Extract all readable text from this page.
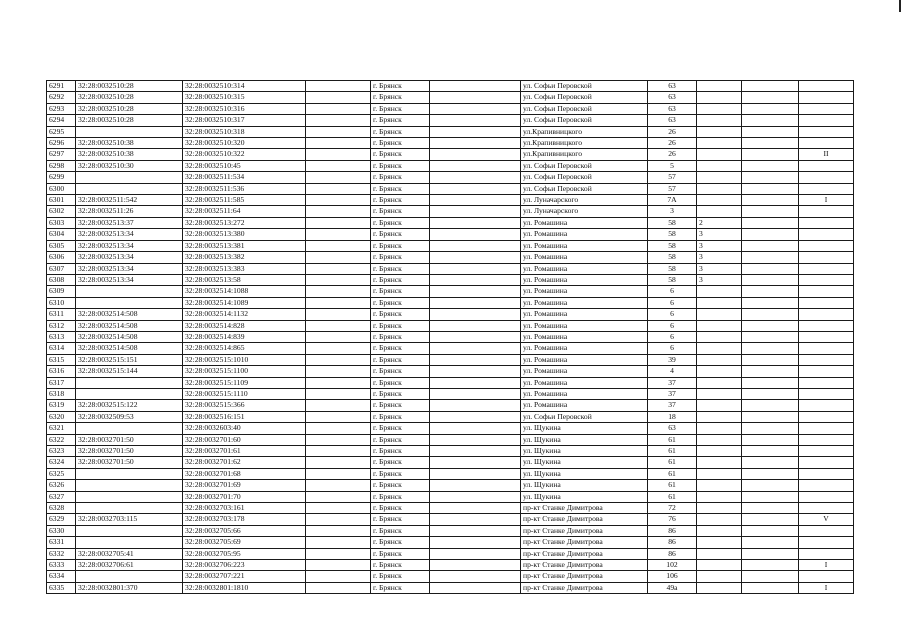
6291	32:28:0032510:28	32:28:0032510:314		г. Брянск		ул. Софьи Перовской	63			
6292	32:28:0032510:28	32:28:0032510:315		г. Брянск		ул. Софьи Перовской	63			
6293	32:28:0032510:28	32:28:0032510:316		г. Брянск		ул. Софьи Перовской	63			
6294	32:28:0032510:28	32:28:0032510:317		г. Брянск		ул. Софьи Перовской	63			
6295		32:28:0032510:318		г. Брянск		ул.Крапивницкого	26			
6296	32:28:0032510:38	32:28:0032510:320		г. Брянск		ул.Крапивницкого	26			
6297	32:28:0032510:38	32:28:0032510:322		г. Брянск		ул.Крапивницкого	26			II
6298	32:28:0032510:30	32:28:0032510:45		г. Брянск		ул. Софьи Перовской	5			
6299		32:28:0032511:534		г. Брянск		ул. Софьи Перовской	57			
6300		32:28:0032511:536		г. Брянск		ул. Софьи Перовской	57			
6301	32:28:0032511:542	32:28:0032511:585		г. Брянск		ул. Луначарского	7А			I
6302	32:28:0032511:26	32:28:0032511:64		г. Брянск		ул. Луначарского	3			
6303	32:28:0032513:37	32:28:0032513:272		г. Брянск		ул. Ромашина	58	2		
6304	32:28:0032513:34	32:28:0032513:380		г. Брянск		ул. Ромашина	58	3		
6305	32:28:0032513:34	32:28:0032513:381		г. Брянск		ул. Ромашина	58	3		
6306	32:28:0032513:34	32:28:0032513:382		г. Брянск		ул. Ромашина	58	3		
6307	32:28:0032513:34	32:28:0032513:383		г. Брянск		ул. Ромашина	58	3		
6308	32:28:0032513:34	32:28:0032513:58		г. Брянск		ул. Ромашина	58	3		
6309		32:28:0032514:1088		г. Брянск		ул. Ромашина	6			
6310		32:28:0032514:1089		г. Брянск		ул. Ромашина	6			
6311	32:28:0032514:508	32:28:0032514:1132		г. Брянск		ул. Ромашина	6			
6312	32:28:0032514:508	32:28:0032514:828		г. Брянск		ул. Ромашина	6			
6313	32:28:0032514:508	32:28:0032514:839		г. Брянск		ул. Ромашина	6			
6314	32:28:0032514:508	32:28:0032514:865		г. Брянск		ул. Ромашина	6			
6315	32:28:0032515:151	32:28:0032515:1010		г. Брянск		ул. Ромашина	39			
6316	32:28:0032515:144	32:28:0032515:1100		г. Брянск		ул. Ромашина	4			
6317		32:28:0032515:1109		г. Брянск		ул. Ромашина	37			
6318		32:28:0032515:1110		г. Брянск		ул. Ромашина	37			
6319	32:28:0032515:122	32:28:0032515:366		г. Брянск		ул. Ромашина	37			
6320	32:28:0032509:53	32:28:0032516:151		г. Брянск		ул. Софьи Перовской	18			
6321		32:28:0032603:40		г. Брянск		ул. Щукина	63			
6322	32:28:0032701:50	32:28:0032701:60		г. Брянск		ул. Щукина	61			
6323	32:28:0032701:50	32:28:0032701:61		г. Брянск		ул. Щукина	61			
6324	32:28:0032701:50	32:28:0032701:62		г. Брянск		ул. Щукина	61			
6325		32:28:0032701:68		г. Брянск		ул. Щукина	61			
6326		32:28:0032701:69		г. Брянск		ул. Щукина	61			
6327		32:28:0032701:70		г. Брянск		ул. Щукина	61			
6328		32:28:0032703:161		г. Брянск		пр-кт Станке Димитрова	72			
6329	32:28:0032703:115	32:28:0032703:178		г. Брянск		пр-кт Станке Димитрова	76			V
6330		32:28:0032705:66		г. Брянск		пр-кт Станке Димитрова	86			
6331		32:28:0032705:69		г. Брянск		пр-кт Станке Димитрова	86			
6332	32:28:0032705:41	32:28:0032705:95		г. Брянск		пр-кт Станке Димитрова	86			
6333	32:28:0032706:61	32:28:0032706:223		г. Брянск		пр-кт Станке Димитрова	102			I
6334		32:28:0032707:221		г. Брянск		пр-кт Станке Димитрова	106			
6335	32:28:0032801:370	32:28:0032801:1810		г. Брянск		пр-кт Станке Димитрова	49а			I
